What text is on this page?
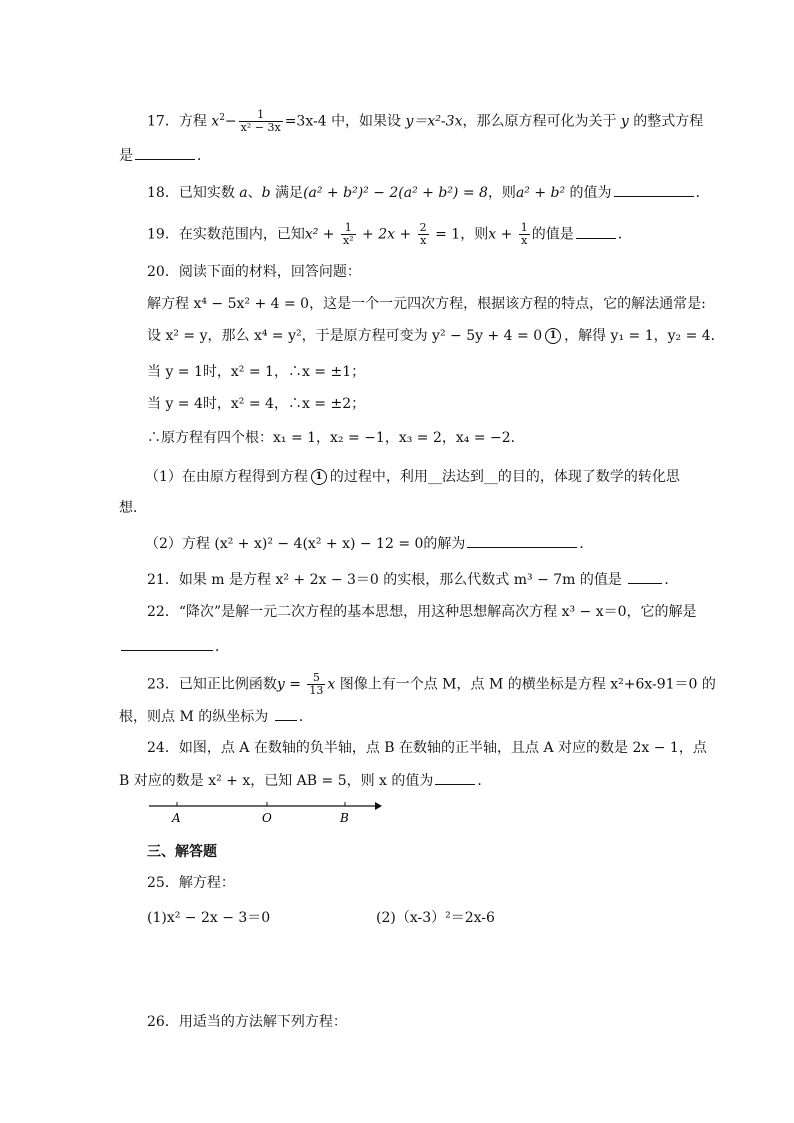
17．方程 $x^2- \frac{1}{\text{x² − 3x}} =3x-4$ 中，如果设 y＝x²-3x，那么原方程可化为关于 y 的整式方程
是	．
18．已知实数 a、b 满足(a² + b²)² − 2(a² + b²) = 8，则a² + b² 的值为	．
19．在实数范围内，已知$x^2 + \frac{1}{\text{x²}} + 2x + \frac{2}{x} = 1$，则$x + \frac{1}{x}$ 的值是	．
20．阅读下面的材料，回答问题：
解方程 x⁴ − 5x² + 4 = 0，这是一个一元四次方程，根据该方程的特点，它的解法通常是:
设 x² = y，那么 x⁴ = y²，于是原方程可变为 y² − 5y + 4 = 0 1 ，解得 y₁ = 1，y₂ = 4．
当 y = 1时，x² = 1，∴x = ±1；
当 y = 4时，x² = 4，∴x = ±2；
∴原方程有四个根：x₁ = 1，x₂ = −1，x₃ = 2，x₄ = −2．
（1）在由原方程得到方程 1 的过程中，利用__法达到__的目的，体现了数学的转化思
想．
（2）方程 (x² + x)² − 4(x² + x) − 12 = 0的解为	．
21．如果 m 是方程 x² + 2x − 3＝0 的实根，那么代数式 m³ − 7m 的值是	．
22．“降次”是解一元二次方程的基本思想，用这种思想解高次方程 x³ − x＝0，它的解是
．
23．已知正比例函数$y = \frac{5}{13}$ x 图像上有一个点 M，点 M 的横坐标是方程 x²+6x-91＝0 的
根，则点 M 的纵坐标为 ．
24．如图，点 A 在数轴的负半轴，点 B 在数轴的正半轴，且点 A 对应的数是 2x − 1，点
B 对应的数是 x² + x，已知 AB = 5，则 x 的值为	．
A	O	B
三、解答题
25．解方程：
(1)x² − 2x − 3＝0	(2)（x-3）²＝2x-6
26．用适当的方法解下列方程：
